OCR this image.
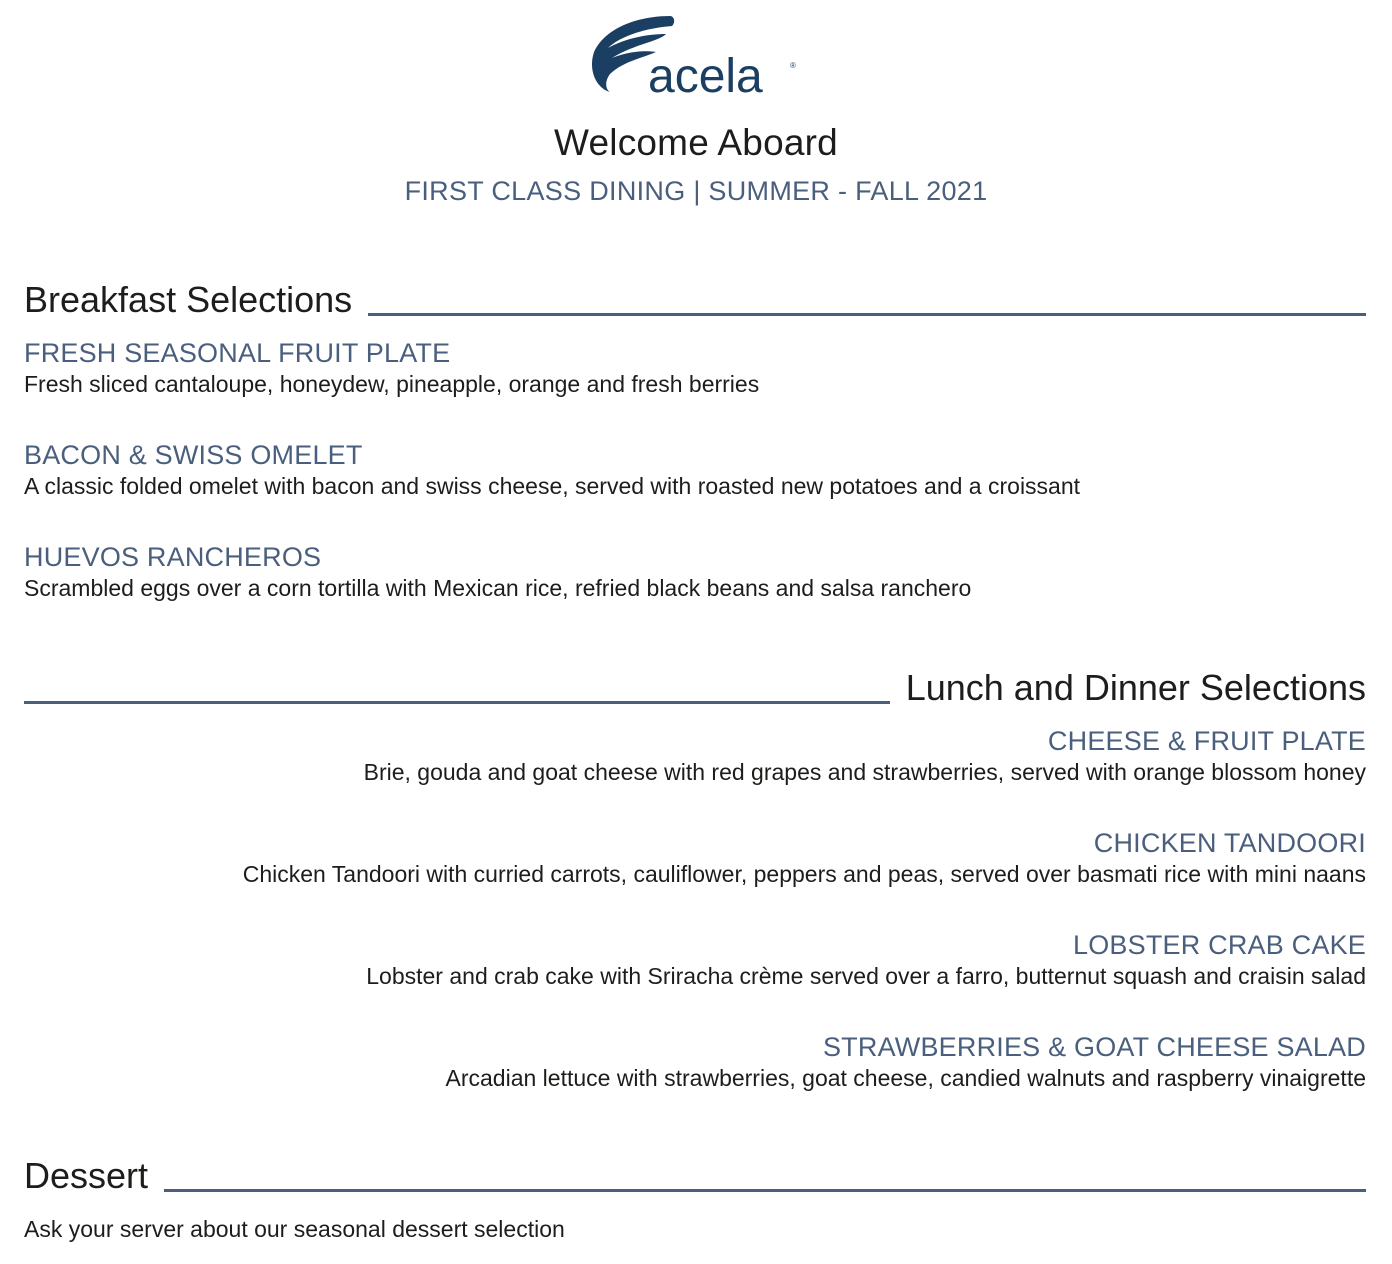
acela	®
Welcome Aboard
FIRST CLASS DINING | SUMMER - FALL 2021
Breakfast Selections
FRESH SEASONAL FRUIT PLATE
Fresh sliced cantaloupe, honeydew, pineapple, orange and fresh berries
BACON & SWISS OMELET
A classic folded omelet with bacon and swiss cheese, served with roasted new potatoes and a croissant
HUEVOS RANCHEROS
Scrambled eggs over a corn tortilla with Mexican rice, refried black beans and salsa ranchero
Lunch and Dinner Selections
CHEESE & FRUIT PLATE
Brie, gouda and goat cheese with red grapes and strawberries, served with orange blossom honey
CHICKEN TANDOORI
Chicken Tandoori with curried carrots, cauliflower, peppers and peas, served over basmati rice with mini naans
LOBSTER CRAB CAKE
Lobster and crab cake with Sriracha crème served over a farro, butternut squash and craisin salad
STRAWBERRIES & GOAT CHEESE SALAD
Arcadian lettuce with strawberries, goat cheese, candied walnuts and raspberry vinaigrette
Dessert
Ask your server about our seasonal dessert selection
